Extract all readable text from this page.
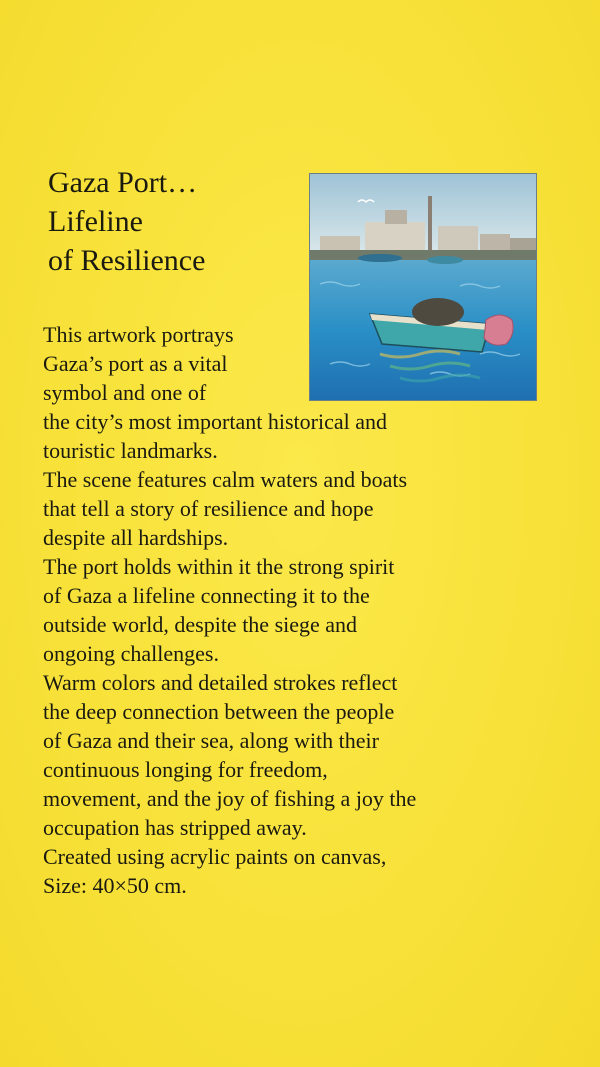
Gaza Port…
Lifeline
of Resilience

This artwork portrays

Gaza’s port as a vital

symbol and one of

the city’s most important historical and

touristic landmarks.

The scene features calm waters and boats

that tell a story of resilience and hope

despite all hardships.

The port holds within it the strong spirit

of Gaza a lifeline connecting it to the

outside world, despite the siege and

ongoing challenges.

Warm colors and detailed strokes reflect

the deep connection between the people

of Gaza and their sea, along with their

continuous longing for freedom,

movement, and the joy of fishing a joy the

occupation has stripped away.

Created using acrylic paints on canvas,

Size: 40×50 cm.
